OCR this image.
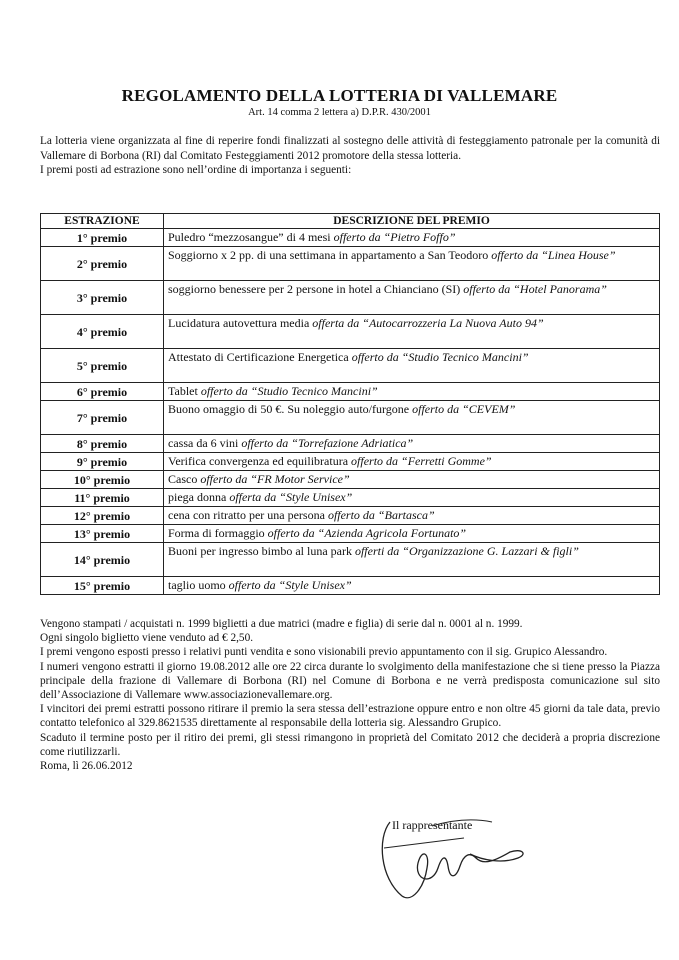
REGOLAMENTO DELLA LOTTERIA DI VALLEMARE
Art. 14 comma 2 lettera a) D.P.R. 430/2001

La lotteria viene organizzata al fine di reperire fondi finalizzati al sostegno delle attività di festeggiamento patronale per la comunità di Vallemare di Borbona (RI) dal Comitato Festeggiamenti 2012 promotore della stessa lotteria.

I premi posti ad estrazione sono nell’ordine di importanza i seguenti:

ESTRAZIONE	DESCRIZIONE DEL PREMIO
1° premio	Puledro “mezzosangue” di 4 mesi offerto da “Pietro Foffo”
2° premio	Soggiorno x 2 pp. di una settimana in appartamento a San Teodoro offerto da “Linea House”
3° premio	soggiorno benessere per 2 persone in hotel a Chianciano (SI) offerto da “Hotel Panorama”
4° premio	Lucidatura autovettura media offerta da “Autocarrozzeria La Nuova Auto 94”
5° premio	Attestato di Certificazione Energetica offerto da “Studio Tecnico Mancini”
6° premio	Tablet offerto da “Studio Tecnico Mancini”
7° premio	Buono omaggio di 50 €. Su noleggio auto/furgone offerto da “CEVEM”
8° premio	cassa da 6 vini offerto da “Torrefazione Adriatica”
9° premio	Verifica convergenza ed equilibratura offerto da “Ferretti Gomme”
10° premio	Casco offerto da “FR Motor Service”
11° premio	piega donna offerta da “Style Unisex”
12° premio	cena con ritratto per una persona offerto da “Bartasca”
13° premio	Forma di formaggio offerto da “Azienda Agricola Fortunato”
14° premio	Buoni per ingresso bimbo al luna park offerti da “Organizzazione G. Lazzari & figli”
15° premio	taglio uomo offerto da “Style Unisex”

Vengono stampati / acquistati n. 1999 biglietti a due matrici (madre e figlia) di serie dal n. 0001 al n. 1999.

Ogni singolo biglietto viene venduto ad € 2,50.

I premi vengono esposti presso i relativi punti vendita e sono visionabili previo appuntamento con il sig. Grupico Alessandro.

I numeri vengono estratti il giorno 19.08.2012 alle ore 22 circa durante lo svolgimento della manifestazione che si tiene presso la Piazza principale della frazione di Vallemare di Borbona (RI) nel Comune di Borbona e ne verrà predisposta comunicazione sul sito dell’Associazione di Vallemare www.associazionevallemare.org.

I vincitori dei premi estratti possono ritirare il premio la sera stessa dell’estrazione oppure entro e non oltre 45 giorni da tale data, previo contatto telefonico al 329.8621535 direttamente al responsabile della lotteria sig. Alessandro Grupico.

Scaduto il termine posto per il ritiro dei premi, gli stessi rimangono in proprietà del Comitato 2012 che deciderà a propria discrezione come riutilizzarli.

Roma, lì 26.06.2012

Il rappresentante
